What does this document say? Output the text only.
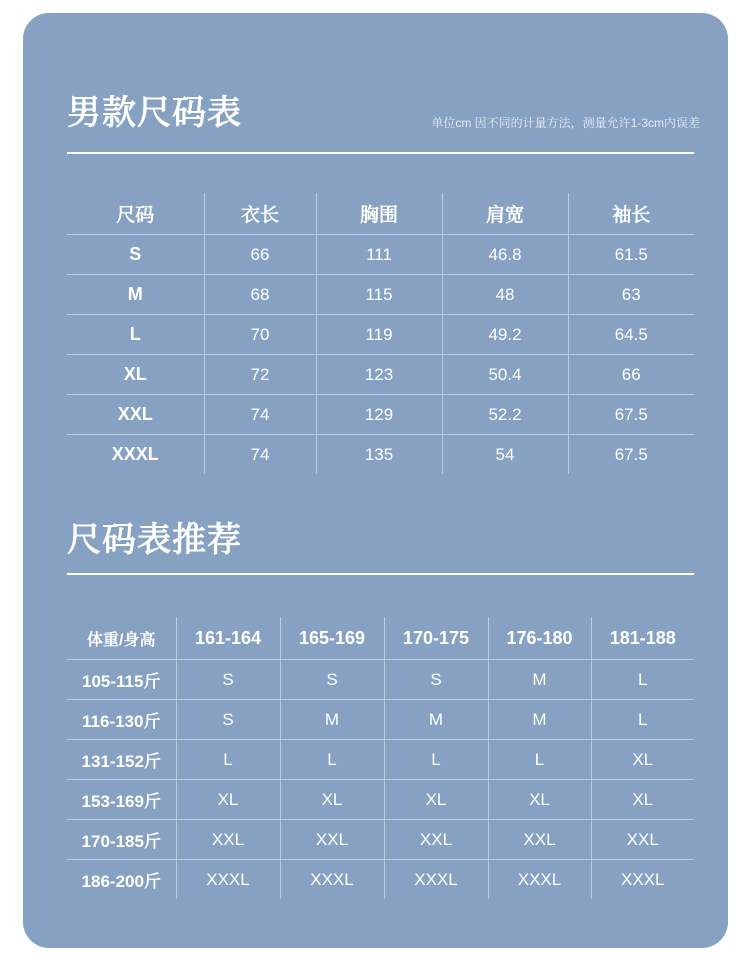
男款尺码表	单位cm 因不同的计量方法，测量允许1-3cm内误差
尺码	衣长	胸围	肩宽	袖长
S	66	111	46.8	61.5
M	68	115	48	63
L	70	119	49.2	64.5
XL	72	123	50.4	66
XXL	74	129	52.2	67.5
XXXL	74	135	54	67.5
尺码表推荐
体重/身高	161-164	165-169	170-175	176-180	181-188
105-115斤	S	S	S	M	L
116-130斤	S	M	M	M	L
131-152斤	L	L	L	L	XL
153-169斤	XL	XL	XL	XL	XL
170-185斤	XXL	XXL	XXL	XXL	XXL
186-200斤	XXXL	XXXL	XXXL	XXXL	XXXL
